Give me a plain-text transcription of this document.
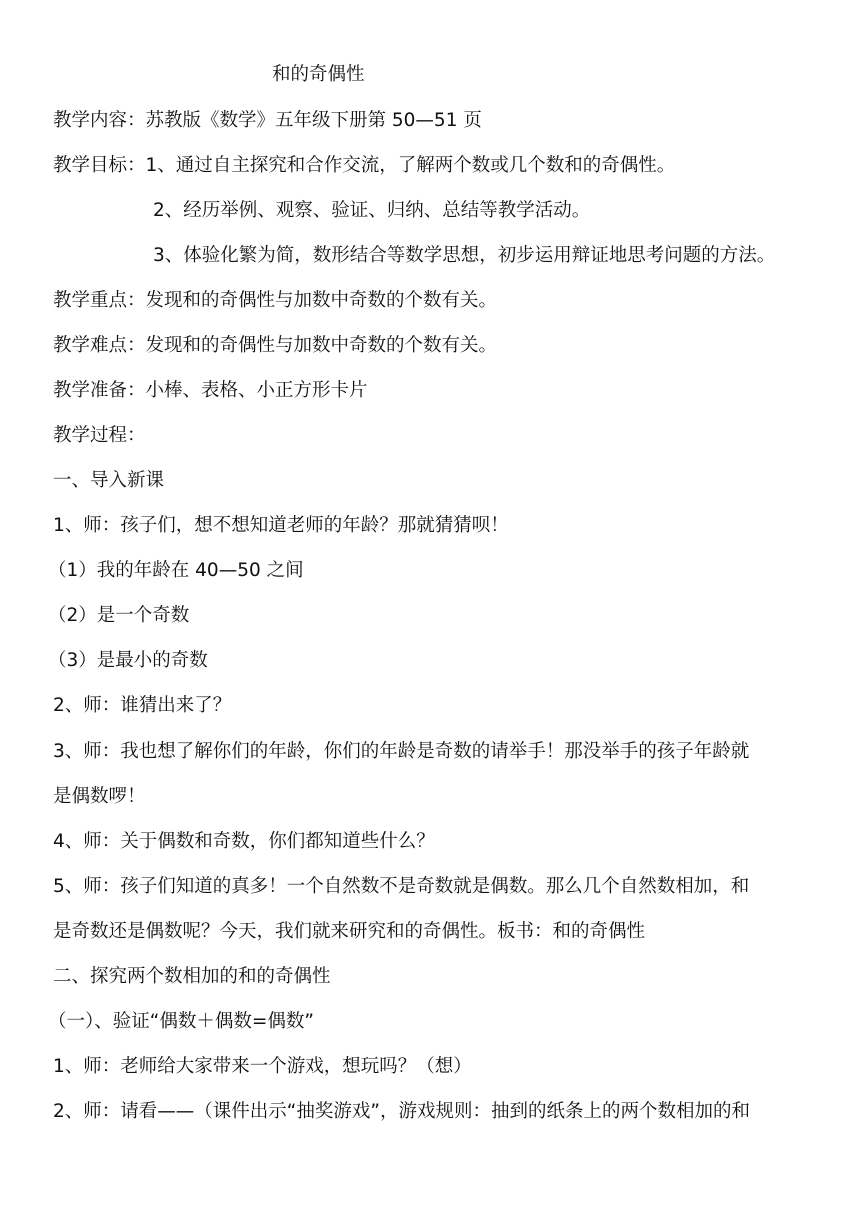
和的奇偶性
教学内容：苏教版《数学》五年级下册第 50—51 页
教学目标：1、通过自主探究和合作交流，了解两个数或几个数和的奇偶性。
2、经历举例、观察、验证、归纳、总结等教学活动。
3、体验化繁为简，数形结合等数学思想，初步运用辩证地思考问题的方法。
教学重点：发现和的奇偶性与加数中奇数的个数有关。
教学难点：发现和的奇偶性与加数中奇数的个数有关。
教学准备：小棒、表格、小正方形卡片
教学过程：
一、导入新课
1、师：孩子们，想不想知道老师的年龄？那就猜猜呗！
（1）我的年龄在 40—50 之间
（2）是一个奇数
（3）是最小的奇数
2、师：谁猜出来了？
3、师：我也想了解你们的年龄，你们的年龄是奇数的请举手！那没举手的孩子年龄就
是偶数啰！
4、师：关于偶数和奇数，你们都知道些什么？
5、师：孩子们知道的真多！一个自然数不是奇数就是偶数。那么几个自然数相加，和
是奇数还是偶数呢？今天，我们就来研究和的奇偶性。板书：和的奇偶性
二、探究两个数相加的和的奇偶性
（一）、验证“偶数＋偶数=偶数”
1、师：老师给大家带来一个游戏，想玩吗？（想）
2、师：请看——（课件出示“抽奖游戏”，游戏规则：抽到的纸条上的两个数相加的和
